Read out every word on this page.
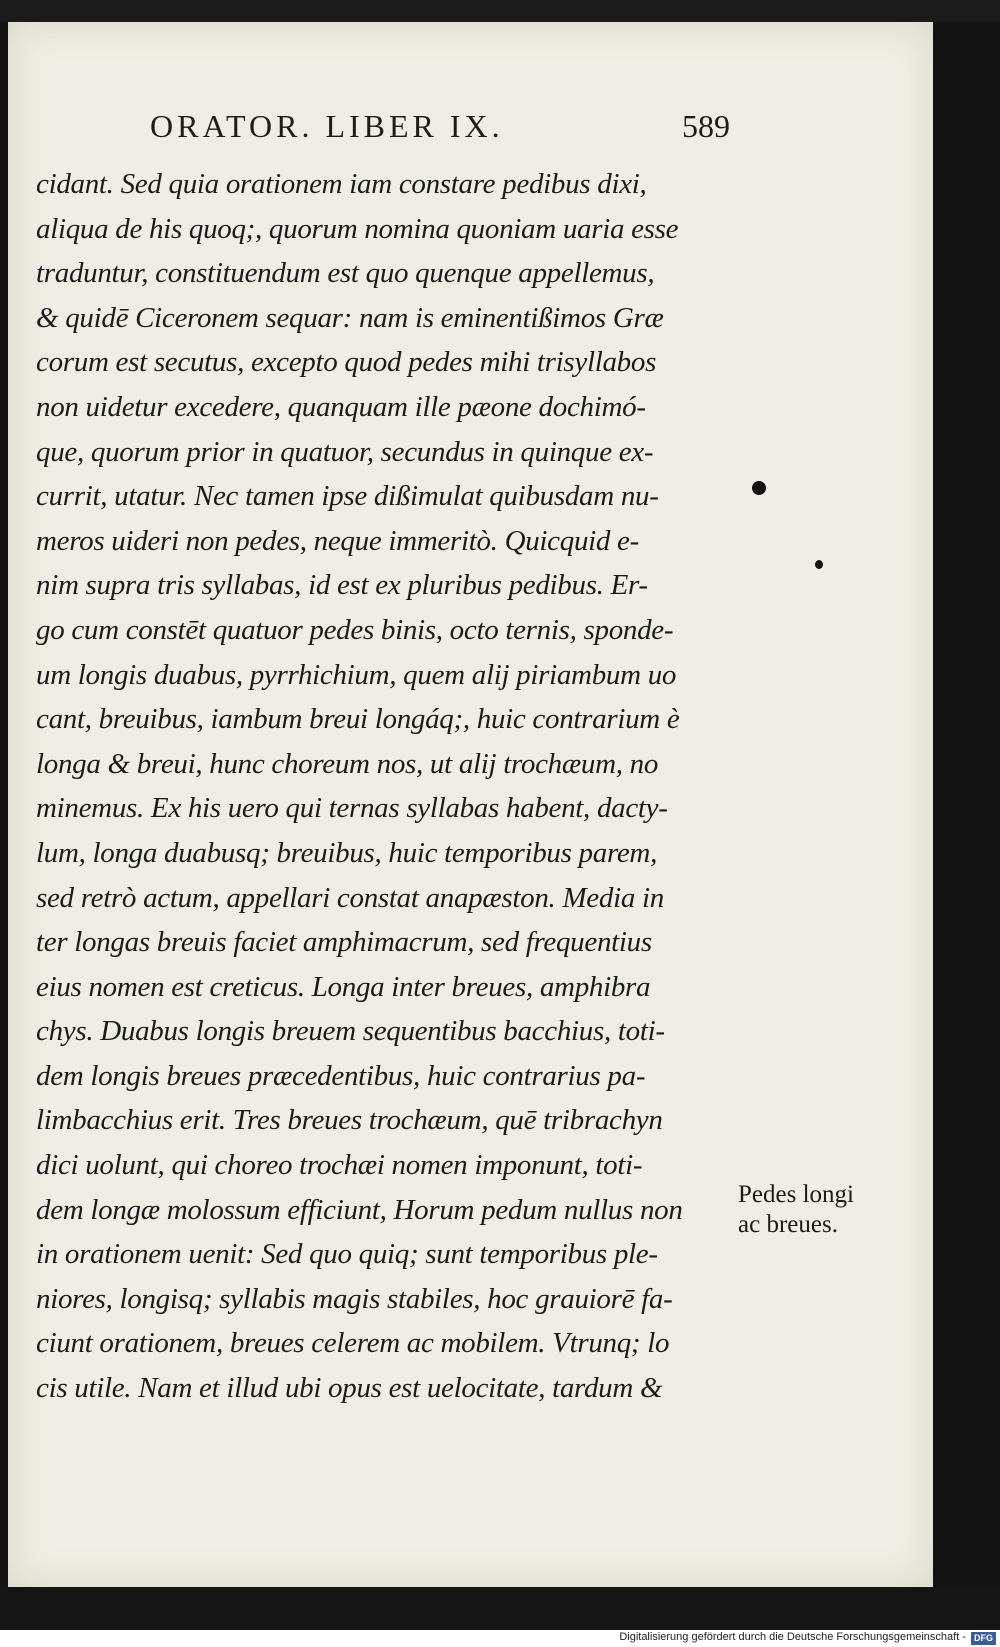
ORATOR. LIBER IX.	589
cidant. Sed quia orationem iam constare pedibus dixi,
aliqua de his quoq;, quorum nomina quoniam uaria esse
traduntur, constituendum est quo quenque appellemus,
& quidē Ciceronem sequar: nam is eminentißimos Græ
corum est secutus, excepto quod pedes mihi trisyllabos
non uidetur excedere, quanquam ille pæone dochimó-
que, quorum prior in quatuor, secundus in quinque ex-
currit, utatur. Nec tamen ipse dißimulat quibusdam nu-
meros uideri non pedes, neque immeritò. Quicquid e-
nim supra tris syllabas, id est ex pluribus pedibus. Er-
go cum constēt quatuor pedes binis, octo ternis, sponde-
um longis duabus, pyrrhichium, quem alij piriambum uo
cant, breuibus, iambum breui longáq;, huic contrarium è
longa & breui, hunc choreum nos, ut alij trochæum, no
minemus. Ex his uero qui ternas syllabas habent, dacty-
lum, longa duabusq; breuibus, huic temporibus parem,
sed retrò actum, appellari constat anapæston. Media in
ter longas breuis faciet amphimacrum, sed frequentius
eius nomen est creticus. Longa inter breues, amphibra
chys. Duabus longis breuem sequentibus bacchius, toti-
dem longis breues præcedentibus, huic contrarius pa-
limbacchius erit. Tres breues trochæum, quē tribrachyn
dici uolunt, qui choreo trochæi nomen imponunt, toti-
dem longæ molossum efficiunt, Horum pedum nullus non
in orationem uenit: Sed quo quiq; sunt temporibus ple-
niores, longisq; syllabis magis stabiles, hoc grauiorē fa-
ciunt orationem, breues celerem ac mobilem. Vtrunq; lo
cis utile. Nam et illud ubi opus est uelocitate, tardum &
Pedes longi
ac breues.
Digitalisierung gefördert durch die Deutsche Forschungsgemeinschaft - DFG
